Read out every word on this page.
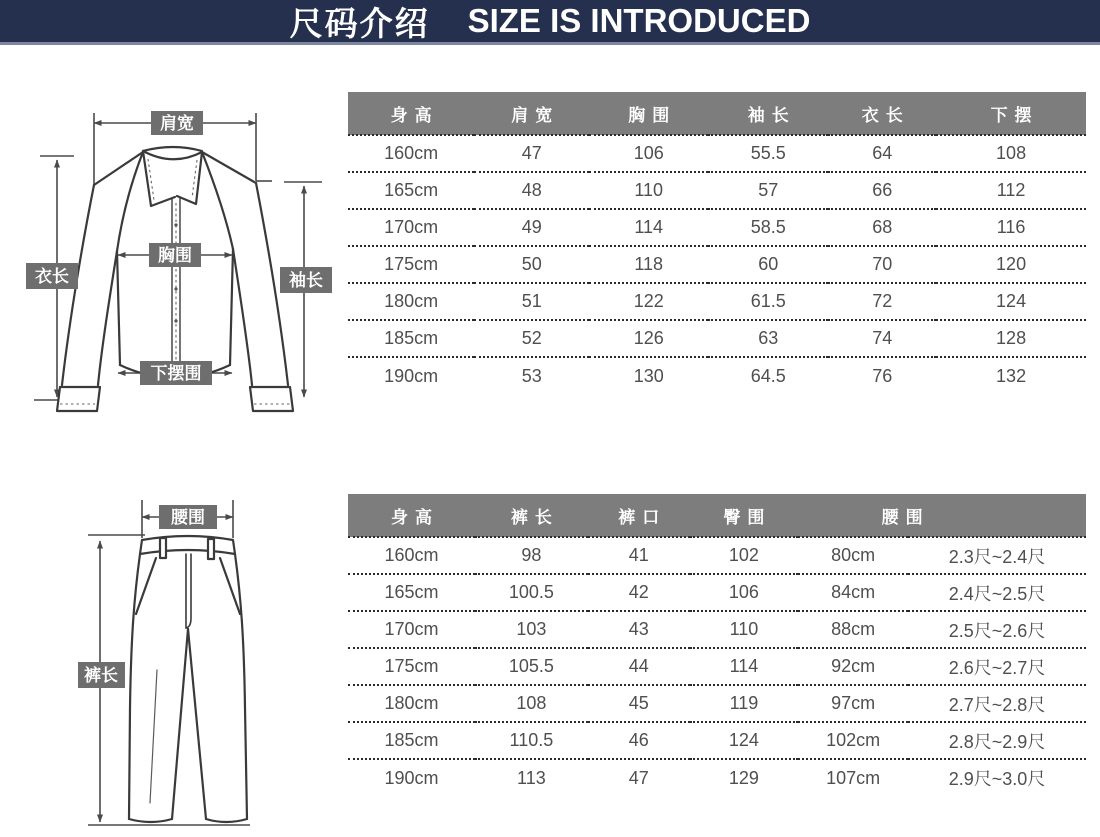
尺码介绍 SIZE IS INTRODUCED
肩宽
胸围
下摆围
衣长	袖长
身高	肩宽	胸围	袖长	衣长	下摆
160cm	47	106	55.5	64	108
165cm	48	110	57	66	112
170cm	49	114	58.5	68	116
175cm	50	118	60	70	120
180cm	51	122	61.5	72	124
185cm	52	126	63	74	128
190cm	53	130	64.5	76	132
腰围
裤长
身高	裤长	裤口	臀围	腰围	
160cm	98	41	102	80cm	2.3尺~2.4尺
165cm	100.5	42	106	84cm	2.4尺~2.5尺
170cm	103	43	110	88cm	2.5尺~2.6尺
175cm	105.5	44	114	92cm	2.6尺~2.7尺
180cm	108	45	119	97cm	2.7尺~2.8尺
185cm	110.5	46	124	102cm	2.8尺~2.9尺
190cm	113	47	129	107cm	2.9尺~3.0尺
